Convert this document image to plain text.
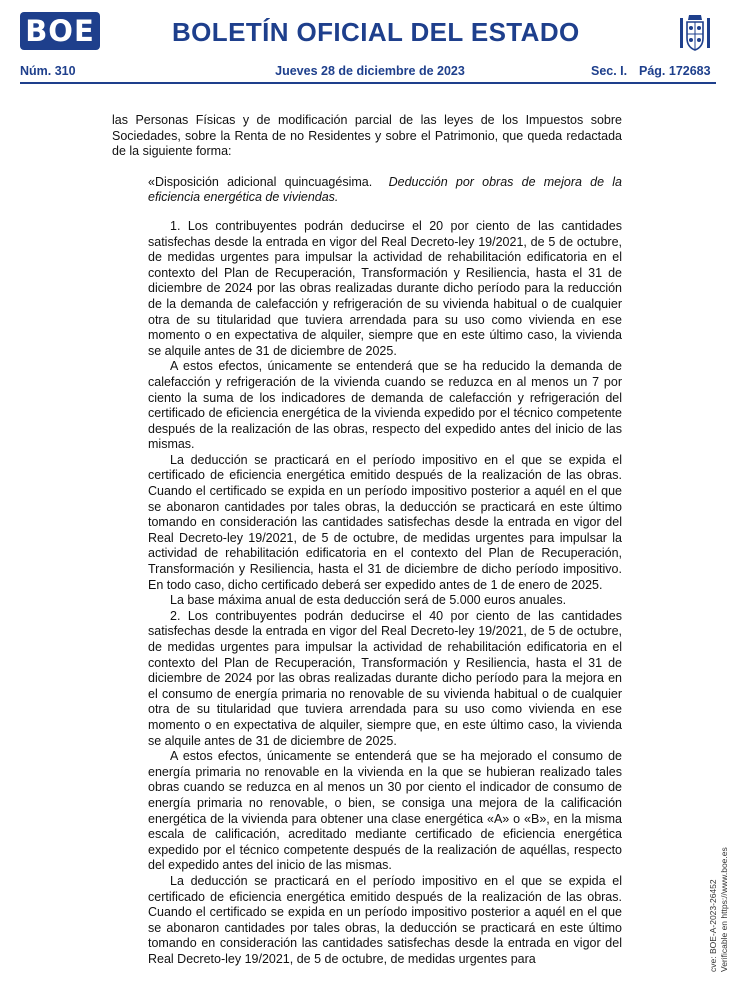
BOE	BOLETÍN OFICIAL DEL ESTADO
Núm. 310	Jueves 28 de diciembre de 2023	Sec. I. Pág. 172683
cve: BOE-A-2023-26452 Verificable en https://www.boe.es

las Personas Físicas y de modificación parcial de las leyes de los Impuestos sobre Sociedades, sobre la Renta de no Residentes y sobre el Patrimonio, que queda redactada de la siguiente forma:

«Disposición adicional quincuagésima. Deducción por obras de mejora de la eficiencia energética de viviendas.

1. Los contribuyentes podrán deducirse el 20 por ciento de las cantidades satisfechas desde la entrada en vigor del Real Decreto-ley 19/2021, de 5 de octubre, de medidas urgentes para impulsar la actividad de rehabilitación edificatoria en el contexto del Plan de Recuperación, Transformación y Resiliencia, hasta el 31 de diciembre de 2024 por las obras realizadas durante dicho período para la reducción de la demanda de calefacción y refrigeración de su vivienda habitual o de cualquier otra de su titularidad que tuviera arrendada para su uso como vivienda en ese momento o en expectativa de alquiler, siempre que en este último caso, la vivienda se alquile antes de 31 de diciembre de 2025.

A estos efectos, únicamente se entenderá que se ha reducido la demanda de calefacción y refrigeración de la vivienda cuando se reduzca en al menos un 7 por ciento la suma de los indicadores de demanda de calefacción y refrigeración del certificado de eficiencia energética de la vivienda expedido por el técnico competente después de la realización de las obras, respecto del expedido antes del inicio de las mismas.

La deducción se practicará en el período impositivo en el que se expida el certificado de eficiencia energética emitido después de la realización de las obras. Cuando el certificado se expida en un período impositivo posterior a aquél en el que se abonaron cantidades por tales obras, la deducción se practicará en este último tomando en consideración las cantidades satisfechas desde la entrada en vigor del Real Decreto-ley 19/2021, de 5 de octubre, de medidas urgentes para impulsar la actividad de rehabilitación edificatoria en el contexto del Plan de Recuperación, Transformación y Resiliencia, hasta el 31 de diciembre de dicho período impositivo. En todo caso, dicho certificado deberá ser expedido antes de 1 de enero de 2025.

La base máxima anual de esta deducción será de 5.000 euros anuales.

2. Los contribuyentes podrán deducirse el 40 por ciento de las cantidades satisfechas desde la entrada en vigor del Real Decreto-ley 19/2021, de 5 de octubre, de medidas urgentes para impulsar la actividad de rehabilitación edificatoria en el contexto del Plan de Recuperación, Transformación y Resiliencia, hasta el 31 de diciembre de 2024 por las obras realizadas durante dicho período para la mejora en el consumo de energía primaria no renovable de su vivienda habitual o de cualquier otra de su titularidad que tuviera arrendada para su uso como vivienda en ese momento o en expectativa de alquiler, siempre que, en este último caso, la vivienda se alquile antes de 31 de diciembre de 2025.

A estos efectos, únicamente se entenderá que se ha mejorado el consumo de energía primaria no renovable en la vivienda en la que se hubieran realizado tales obras cuando se reduzca en al menos un 30 por ciento el indicador de consumo de energía primaria no renovable, o bien, se consiga una mejora de la calificación energética de la vivienda para obtener una clase energética «A» o «B», en la misma escala de calificación, acreditado mediante certificado de eficiencia energética expedido por el técnico competente después de la realización de aquéllas, respecto del expedido antes del inicio de las mismas.

La deducción se practicará en el período impositivo en el que se expida el certificado de eficiencia energética emitido después de la realización de las obras. Cuando el certificado se expida en un período impositivo posterior a aquél en el que se abonaron cantidades por tales obras, la deducción se practicará en este último tomando en consideración las cantidades satisfechas desde la entrada en vigor del Real Decreto-ley 19/2021, de 5 de octubre, de medidas urgentes para
